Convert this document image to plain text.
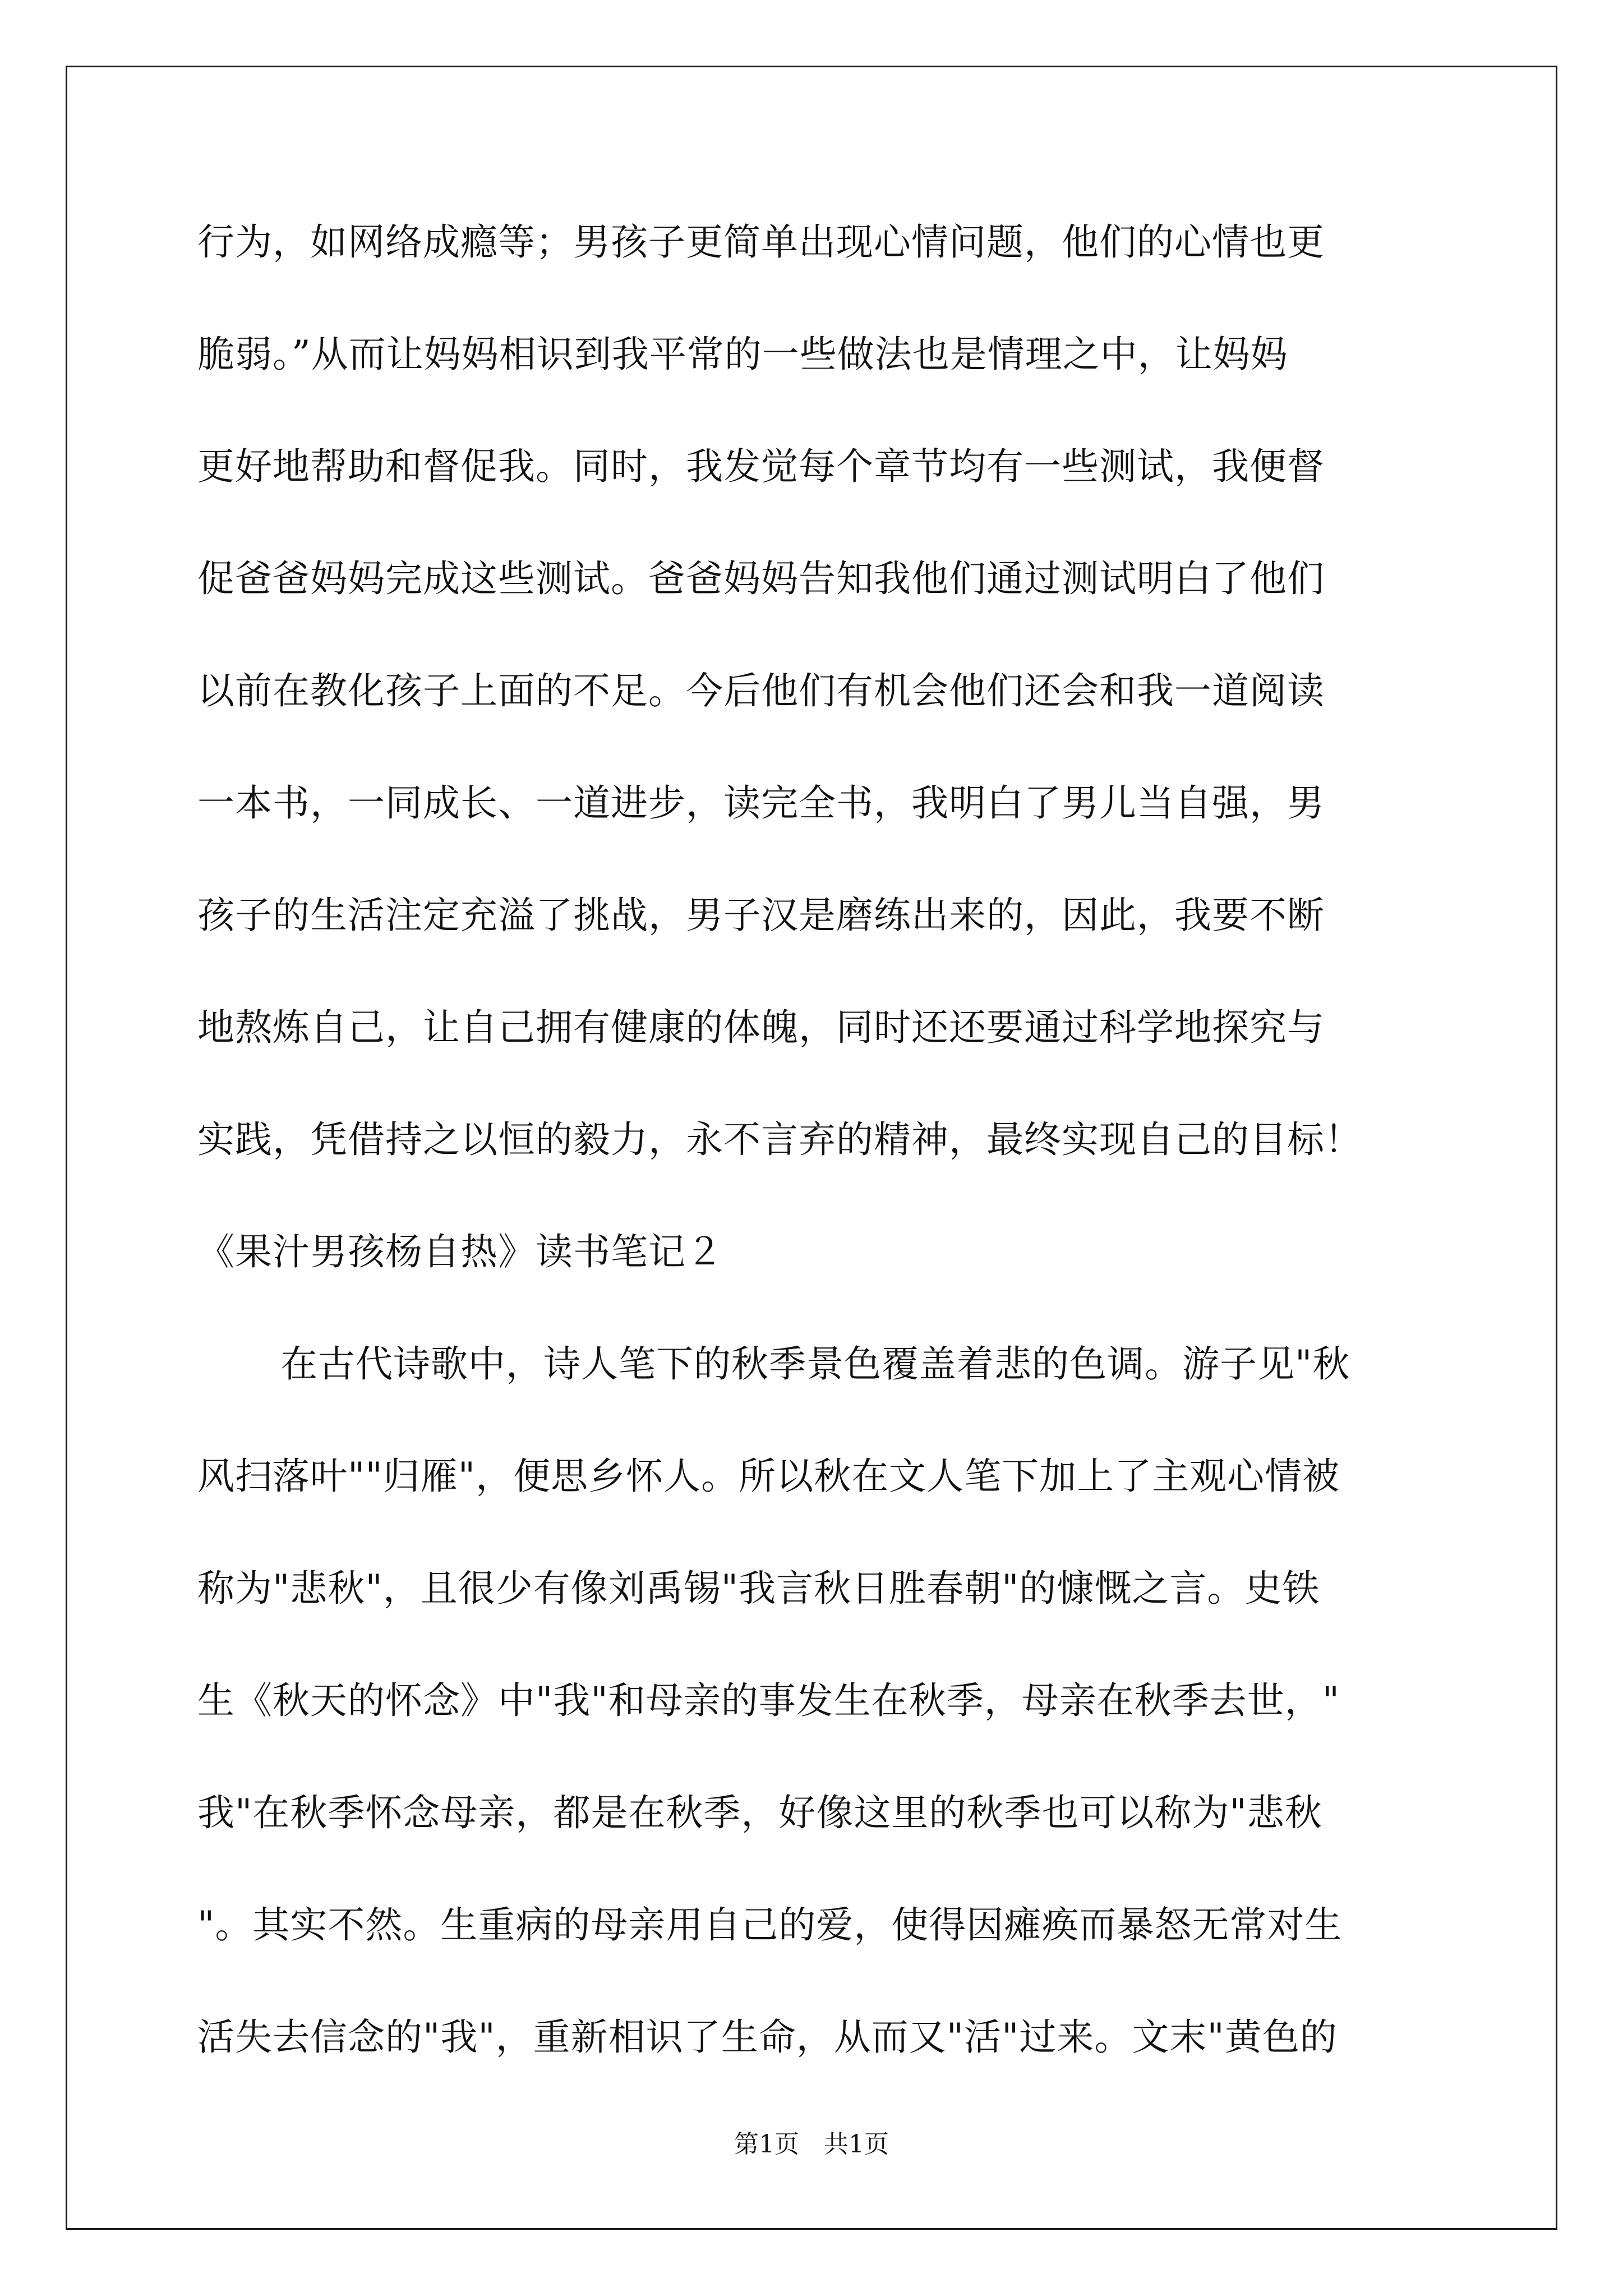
行为，如网络成瘾等；男孩子更简单出现心情问题，他们的心情也更
脆弱。”从而让妈妈相识到我平常的一些做法也是情理之中，让妈妈
更好地帮助和督促我。同时，我发觉每个章节均有一些测试，我便督
促爸爸妈妈完成这些测试。爸爸妈妈告知我他们通过测试明白了他们
以前在教化孩子上面的不足。今后他们有机会他们还会和我一道阅读
一本书，一同成长、一道进步，读完全书，我明白了男儿当自强，男
孩子的生活注定充溢了挑战，男子汉是磨练出来的，因此，我要不断
地熬炼自己，让自己拥有健康的体魄，同时还还要通过科学地探究与
实践，凭借持之以恒的毅力，永不言弃的精神，最终实现自己的目标！
《果汁男孩杨自热》读书笔记２
在古代诗歌中，诗人笔下的秋季景色覆盖着悲的色调。游子见"秋
风扫落叶""归雁"，便思乡怀人。所以秋在文人笔下加上了主观心情被
称为"悲秋"，且很少有像刘禹锡"我言秋日胜春朝"的慷慨之言。史铁
生《秋天的怀念》中"我"和母亲的事发生在秋季，母亲在秋季去世，"
我"在秋季怀念母亲，都是在秋季，好像这里的秋季也可以称为"悲秋
"。其实不然。生重病的母亲用自己的爱，使得因瘫痪而暴怒无常对生
活失去信念的"我"，重新相识了生命，从而又"活"过来。文末"黄色的
第1页　共1页
